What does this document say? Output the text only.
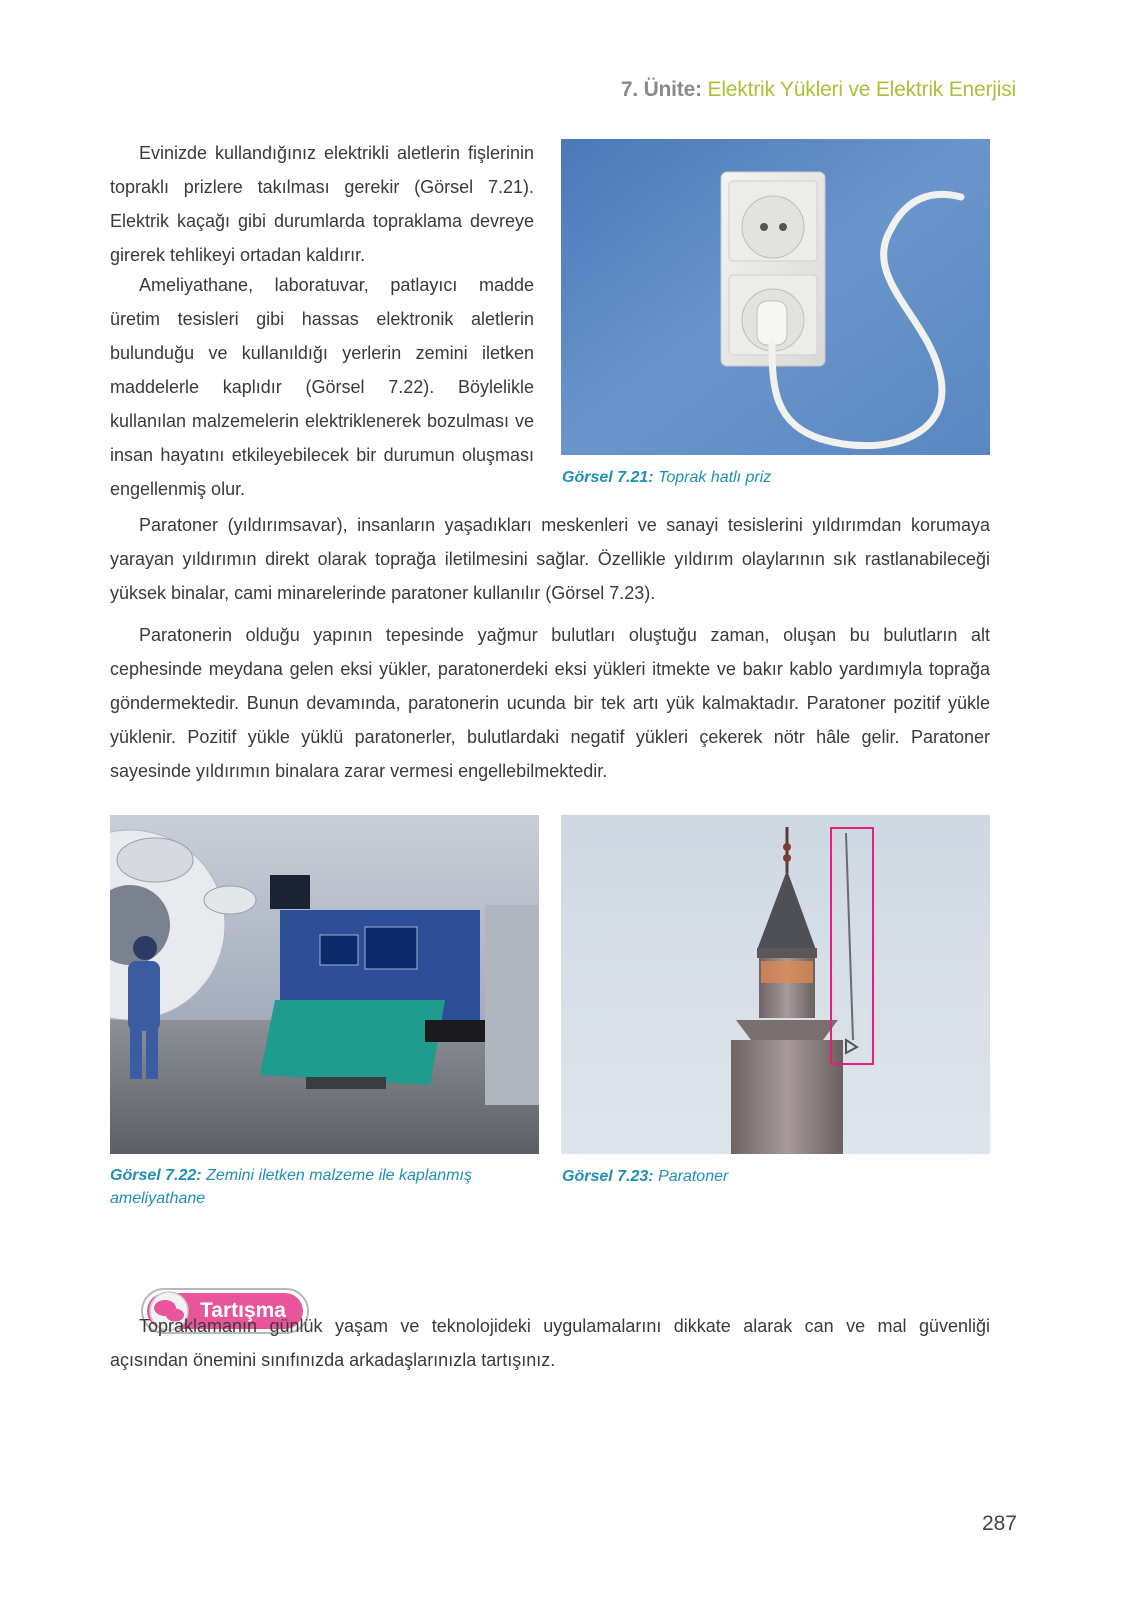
7. Ünite: Elektrik Yükleri ve Elektrik Enerjisi

Evinizde kullandığınız elektrikli aletlerin fişlerinin topraklı prizlere takılması gerekir (Görsel 7.21). Elektrik kaçağı gibi durumlarda topraklama devreye girerek tehlikeyi ortadan kaldırır.

Ameliyathane, laboratuvar, patlayıcı madde üretim tesisleri gibi hassas elektronik aletlerin bulunduğu ve kullanıldığı yerlerin zemini iletken maddelerle kaplıdır (Görsel 7.22). Böylelikle kullanılan malzemelerin elektriklenerek bozulması ve insan hayatını etkileyebilecek bir durumun oluşması engellenmiş olur.

Görsel 7.21: Toprak hatlı priz

Paratoner (yıldırımsavar), insanların yaşadıkları meskenleri ve sanayi tesislerini yıldırımdan korumaya yarayan yıldırımın direkt olarak toprağa iletilmesini sağlar. Özellikle yıldırım olaylarının sık rastlanabileceği yüksek binalar, cami minarelerinde paratoner kullanılır (Görsel 7.23).

Paratonerin olduğu yapının tepesinde yağmur bulutları oluştuğu zaman, oluşan bu bulutların alt cephesinde meydana gelen eksi yükler, paratonerdeki eksi yükleri itmekte ve bakır kablo yardımıyla toprağa göndermektedir. Bunun devamında, paratonerin ucunda bir tek artı yük kalmaktadır. Paratoner pozitif yükle yüklenir. Pozitif yükle yüklü paratonerler, bulutlardaki negatif yükleri çekerek nötr hâle gelir. Paratoner sayesinde yıldırımın binalara zarar vermesi engellebilmektedir.

Görsel 7.22: Zemini iletken malzeme ile kaplanmış ameliyathane
Görsel 7.23: Paratoner
Tartışma

Topraklamanın günlük yaşam ve teknolojideki uygulamalarını dikkate alarak can ve mal güvenliği açısından önemini sınıfınızda arkadaşlarınızla tartışınız.

287
